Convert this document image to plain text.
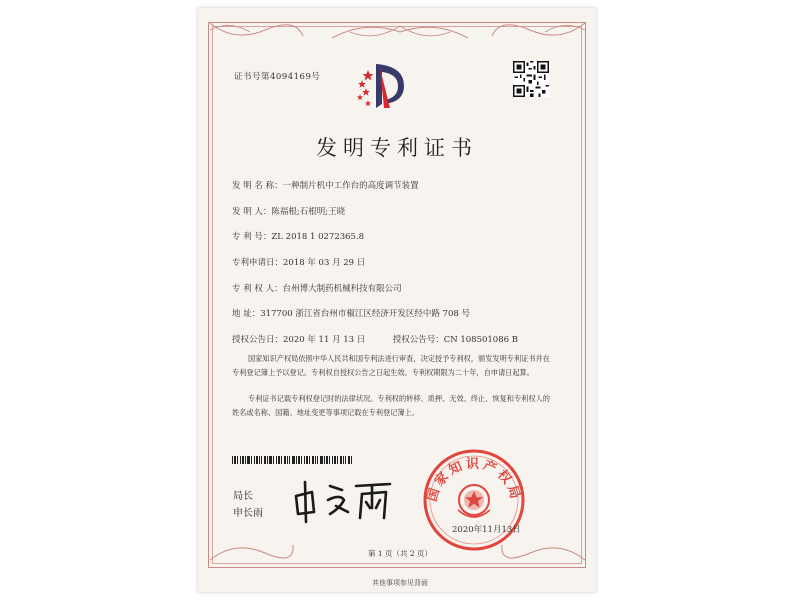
证书号第4094169号
发明专利证书
发 明 名 称：一种制片机中工作台的高度调节装置
发 明 人：陈福根;石根明;王晓
专 利 号：ZL 2018 1 0272365.8
专利申请日：2018 年 03 月 29 日
专 利 权 人：台州博大制药机械科技有限公司
地 址：317700 浙江省台州市椒江区经济开发区经中路 708 号
授权公告日：2020 年 11 月 13 日	授权公告号：CN 108501086 B
国家知识产权局依照中华人民共和国专利法进行审查，决定授予专利权，颁发发明专利证书并在专利登记簿上予以登记。专利权自授权公告之日起生效。专利权期限为二十年，自申请日起算。
专利证书记载专利权登记时的法律状况。专利权的转移、质押、无效、终止、恢复和专利权人的姓名或名称、国籍、地址变更等事项记载在专利登记簿上。
局长
申长雨
国家知识产权局
2020年11月13日
第 1 页（共 2 页）
其他事项参见背面
